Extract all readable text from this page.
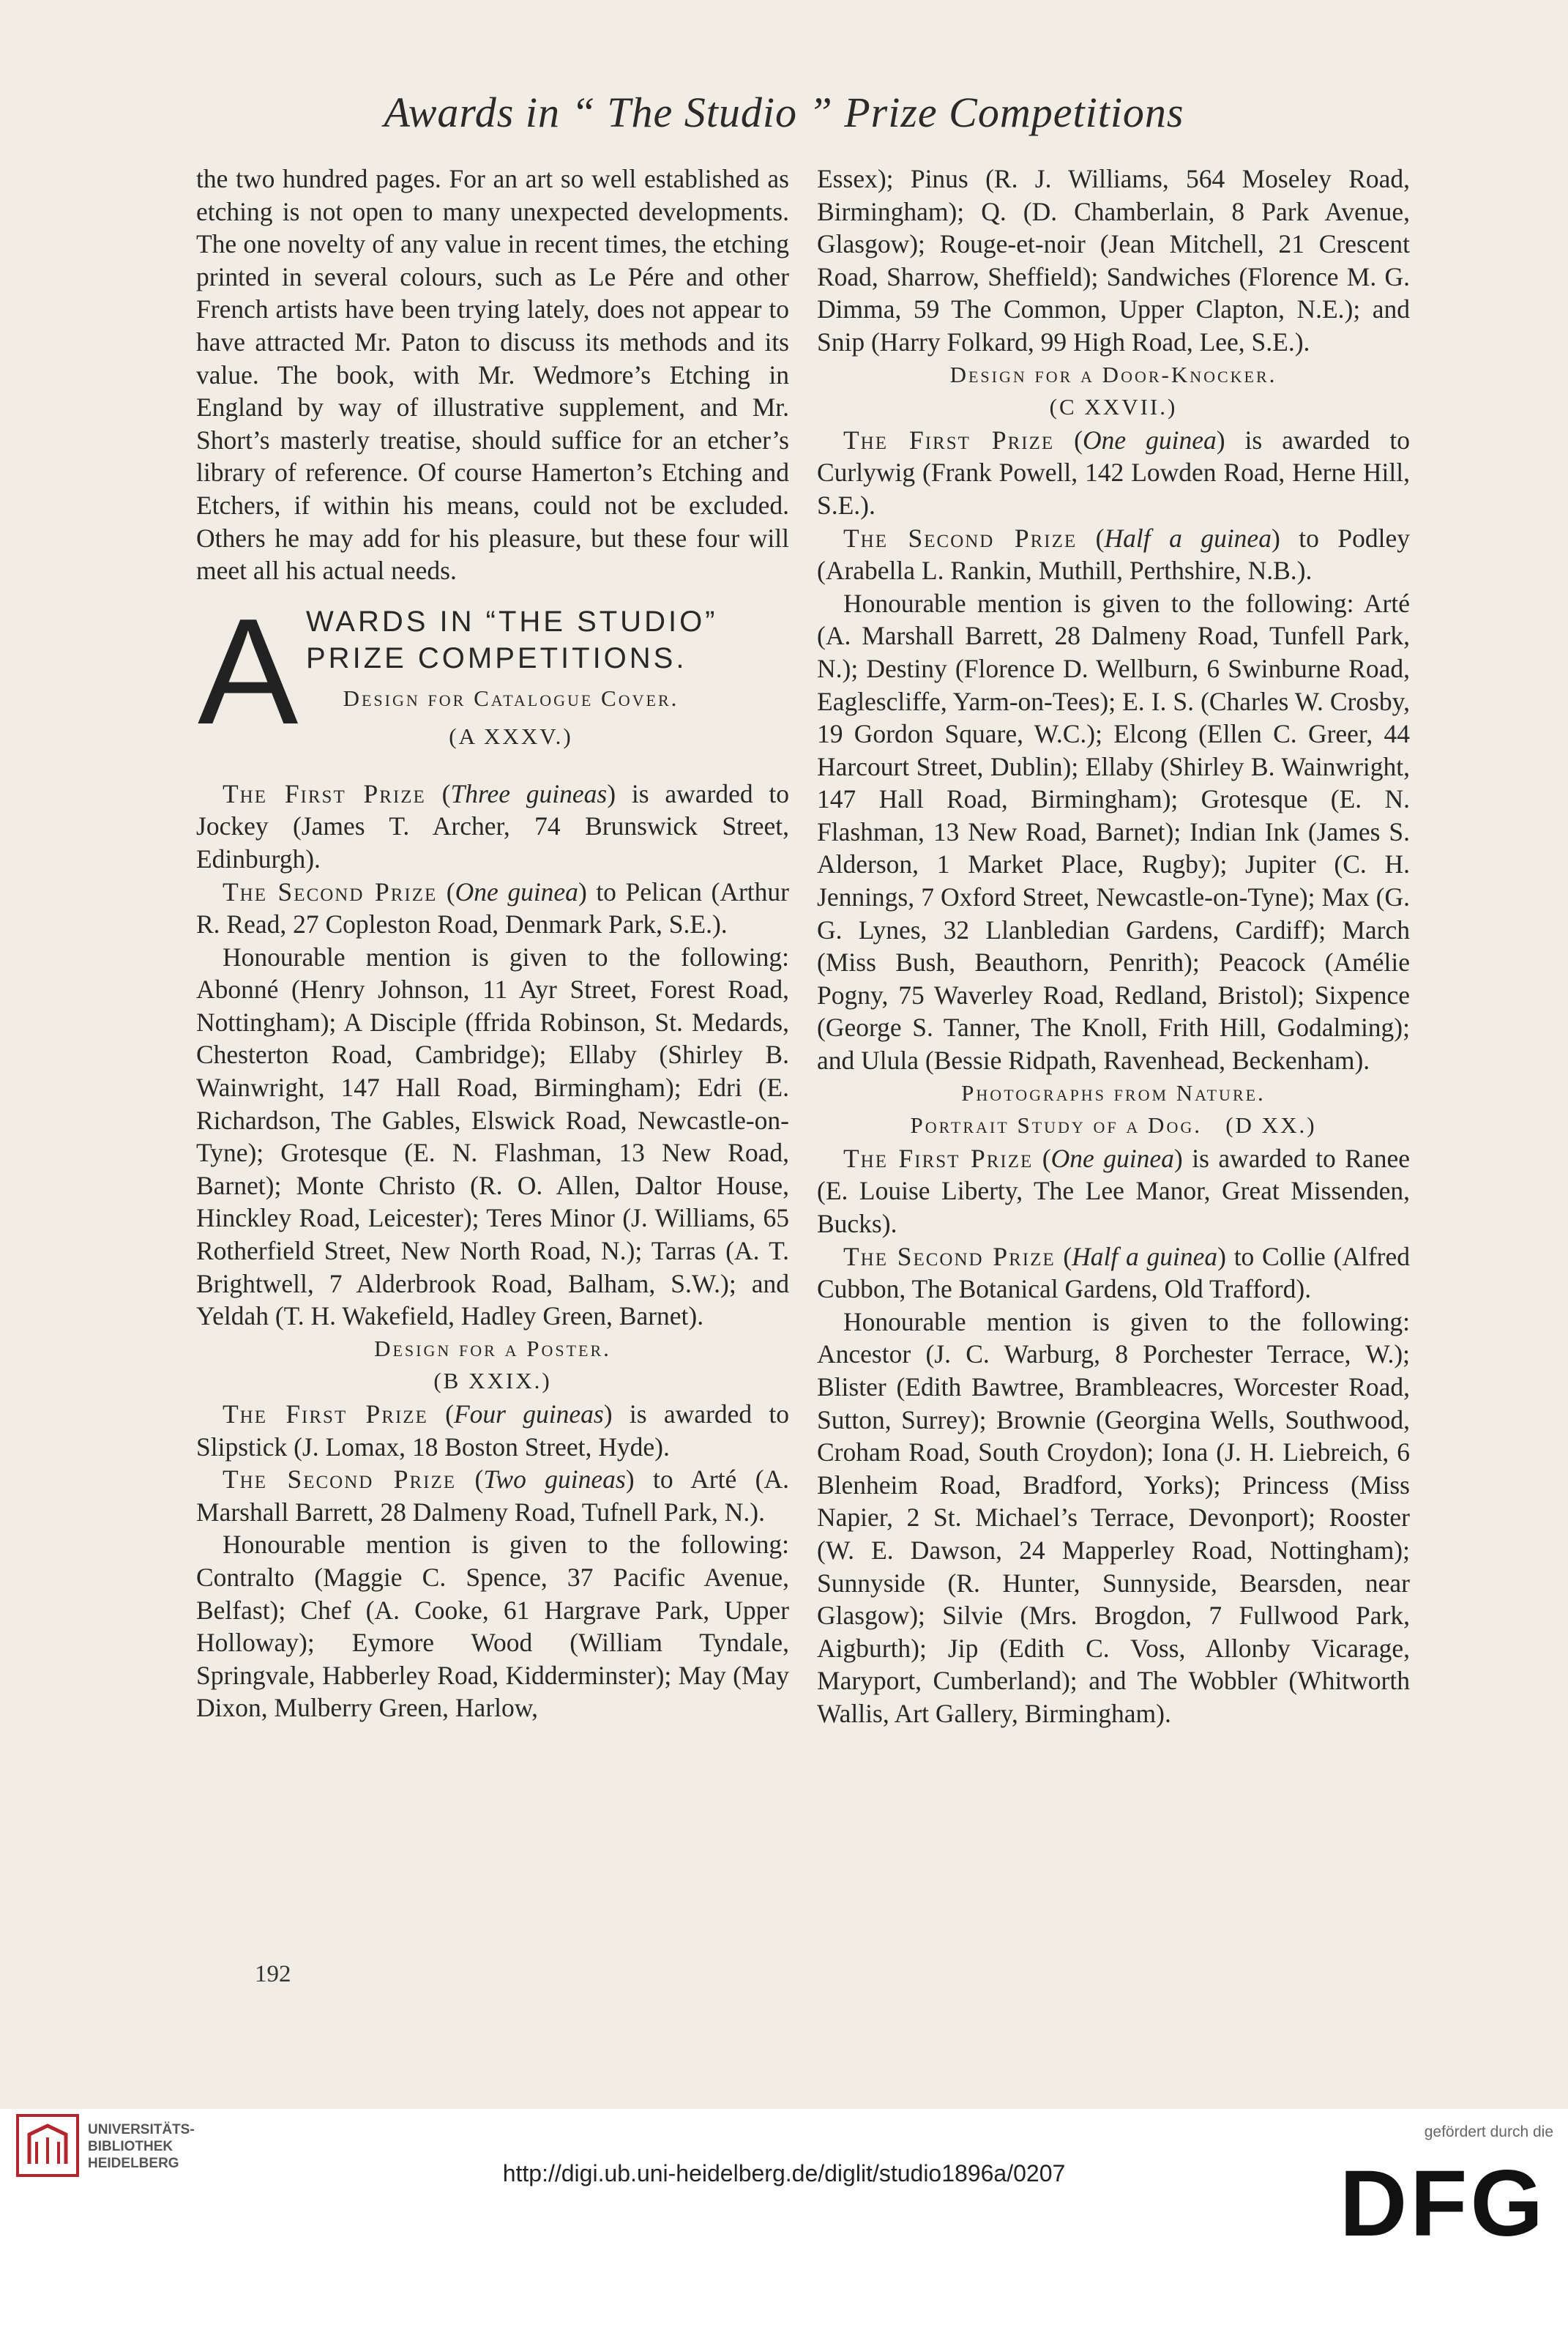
Awards in “ The Studio ” Prize Competitions

the two hundred pages. For an art so well established as etching is not open to many unexpected developments. The one novelty of any value in recent times, the etching printed in several colours, such as Le Pére and other French artists have been trying lately, does not appear to have attracted Mr. Paton to discuss its methods and its value. The book, with Mr. Wedmore’s Etching in England by way of illustrative supplement, and Mr. Short’s masterly treatise, should suffice for an etcher’s library of reference. Of course Hamerton’s Etching and Etchers, if within his means, could not be excluded. Others he may add for his pleasure, but these four will meet all his actual needs.

A WARDS IN “THE STUDIO”
PRIZE COMPETITIONS.
Design for Catalogue Cover.
(A XXXV.)

The First Prize (Three guineas) is awarded to Jockey (James T. Archer, 74 Brunswick Street, Edinburgh).

The Second Prize (One guinea) to Pelican (Arthur R. Read, 27 Copleston Road, Denmark Park, S.E.).

Honourable mention is given to the following: Abonné (Henry Johnson, 11 Ayr Street, Forest Road, Nottingham); A Disciple (ffrida Robinson, St. Medards, Chesterton Road, Cambridge); Ellaby (Shirley B. Wainwright, 147 Hall Road, Birmingham); Edri (E. Richardson, The Gables, Elswick Road, Newcastle-on-Tyne); Grotesque (E. N. Flashman, 13 New Road, Barnet); Monte Christo (R. O. Allen, Daltor House, Hinckley Road, Leicester); Teres Minor (J. Williams, 65 Rotherfield Street, New North Road, N.); Tarras (A. T. Brightwell, 7 Alderbrook Road, Balham, S.W.); and Yeldah (T. H. Wakefield, Hadley Green, Barnet).

Design for a Poster.
(B XXIX.)

The First Prize (Four guineas) is awarded to Slipstick (J. Lomax, 18 Boston Street, Hyde).

The Second Prize (Two guineas) to Arté (A. Marshall Barrett, 28 Dalmeny Road, Tufnell Park, N.).

Honourable mention is given to the following: Contralto (Maggie C. Spence, 37 Pacific Avenue, Belfast); Chef (A. Cooke, 61 Hargrave Park, Upper Holloway); Eymore Wood (William Tyndale, Springvale, Habberley Road, Kidderminster); May (May Dixon, Mulberry Green, Harlow,

Essex); Pinus (R. J. Williams, 564 Moseley Road, Birmingham); Q. (D. Chamberlain, 8 Park Avenue, Glasgow); Rouge-et-noir (Jean Mitchell, 21 Crescent Road, Sharrow, Sheffield); Sandwiches (Florence M. G. Dimma, 59 The Common, Upper Clapton, N.E.); and Snip (Harry Folkard, 99 High Road, Lee, S.E.).

Design for a Door-Knocker.
(C XXVII.)

The First Prize (One guinea) is awarded to Curlywig (Frank Powell, 142 Lowden Road, Herne Hill, S.E.).

The Second Prize (Half a guinea) to Podley (Arabella L. Rankin, Muthill, Perthshire, N.B.).

Honourable mention is given to the following: Arté (A. Marshall Barrett, 28 Dalmeny Road, Tunfell Park, N.); Destiny (Florence D. Wellburn, 6 Swinburne Road, Eaglescliffe, Yarm-on-Tees); E. I. S. (Charles W. Crosby, 19 Gordon Square, W.C.); Elcong (Ellen C. Greer, 44 Harcourt Street, Dublin); Ellaby (Shirley B. Wainwright, 147 Hall Road, Birmingham); Grotesque (E. N. Flashman, 13 New Road, Barnet); Indian Ink (James S. Alderson, 1 Market Place, Rugby); Jupiter (C. H. Jennings, 7 Oxford Street, Newcastle-on-Tyne); Max (G. G. Lynes, 32 Llanbledian Gardens, Cardiff); March (Miss Bush, Beauthorn, Penrith); Peacock (Amélie Pogny, 75 Waverley Road, Redland, Bristol); Sixpence (George S. Tanner, The Knoll, Frith Hill, Godalming); and Ulula (Bessie Ridpath, Ravenhead, Beckenham).

Photographs from Nature.
Portrait Study of a Dog. (D XX.)

The First Prize (One guinea) is awarded to Ranee (E. Louise Liberty, The Lee Manor, Great Missenden, Bucks).

The Second Prize (Half a guinea) to Collie (Alfred Cubbon, The Botanical Gardens, Old Trafford).

Honourable mention is given to the following: Ancestor (J. C. Warburg, 8 Porchester Terrace, W.); Blister (Edith Bawtree, Brambleacres, Worcester Road, Sutton, Surrey); Brownie (Georgina Wells, Southwood, Croham Road, South Croydon); Iona (J. H. Liebreich, 6 Blenheim Road, Bradford, Yorks); Princess (Miss Napier, 2 St. Michael’s Terrace, Devonport); Rooster (W. E. Dawson, 24 Mapperley Road, Nottingham); Sunnyside (R. Hunter, Sunnyside, Bearsden, near Glasgow); Silvie (Mrs. Brogdon, 7 Fullwood Park, Aigburth); Jip (Edith C. Voss, Allonby Vicarage, Maryport, Cumberland); and The Wobbler (Whitworth Wallis, Art Gallery, Birmingham).

192
UNIVERSITÄTS-
BIBLIOTHEK
HEIDELBERG	http://digi.ub.uni-heidelberg.de/diglit/studio1896a/0207
gefördert durch die
DFG
